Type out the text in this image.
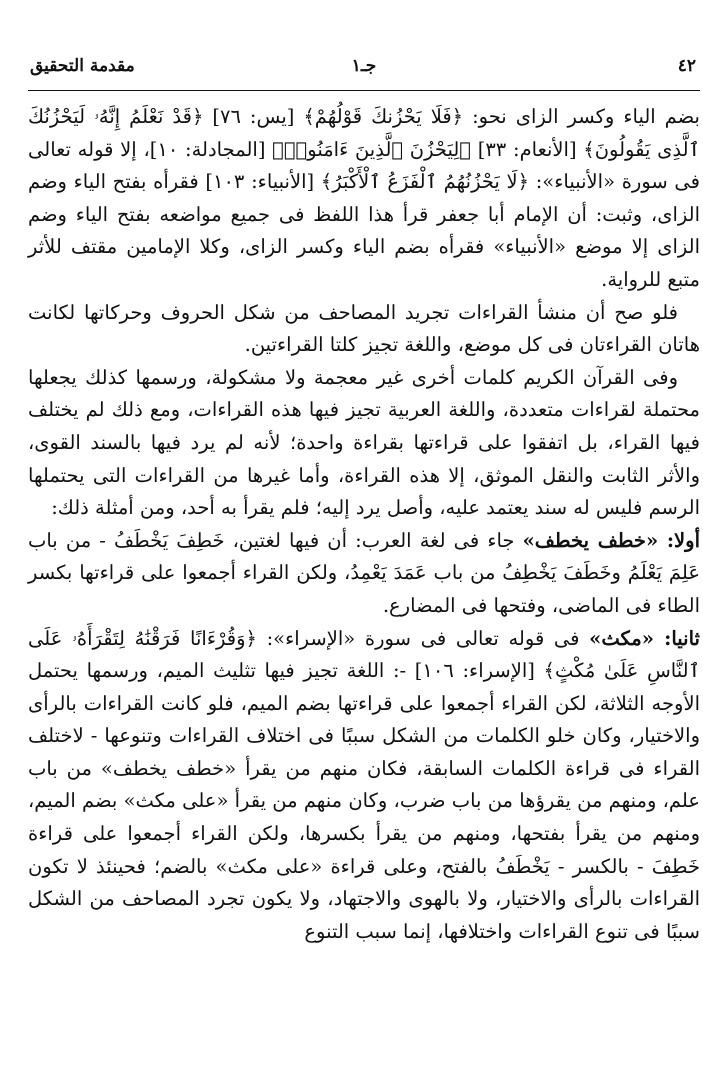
٤٢
جـ١
مقدمة التحقيق

بضم الياء وكسر الزاى نحو: ﴿فَلَا يَحْزُنكَ قَوْلُهُمْ﴾ [يس: ٧٦] ﴿قَدْ نَعْلَمُ إِنَّهُۥ لَيَحْزُنُكَ ٱلَّذِى يَقُولُونَ﴾ [الأنعام: ٣٣] ﴿لِيَحْزُنَ ٱلَّذِينَ ءَامَنُوا۟﴾ [المجادلة: ١٠]، إلا قوله تعالى فى سورة «الأنبياء»: ﴿لَا يَحْزُنُهُمُ ٱلْفَزَعُ ٱلْأَكْبَرُ﴾ [الأنبياء: ١٠٣] فقرأه بفتح الياء وضم الزاى، وثبت: أن الإمام أبا جعفر قرأ هذا اللفظ فى جميع مواضعه بفتح الياء وضم الزاى إلا موضع «الأنبياء» فقرأه بضم الياء وكسر الزاى، وكلا الإمامين مقتف للأثر متبع للرواية.

فلو صح أن منشأ القراءات تجريد المصاحف من شكل الحروف وحركاتها لكانت هاتان القراءتان فى كل موضع، واللغة تجيز كلتا القراءتين.

وفى القرآن الكريم كلمات أخرى غير معجمة ولا مشكولة، ورسمها كذلك يجعلها محتملة لقراءات متعددة، واللغة العربية تجيز فيها هذه القراءات، ومع ذلك لم يختلف فيها القراء، بل اتفقوا على قراءتها بقراءة واحدة؛ لأنه لم يرد فيها بالسند القوى، والأثر الثابت والنقل الموثق، إلا هذه القراءة، وأما غيرها من القراءات التى يحتملها الرسم فليس له سند يعتمد عليه، وأصل يرد إليه؛ فلم يقرأ به أحد، ومن أمثلة ذلك:

أولا: «خطف يخطف» جاء فى لغة العرب: أن فيها لغتين، خَطِفَ يَخْطَفُ - من باب عَلِمَ يَعْلَمُ وخَطَفَ يَخْطِفُ من باب عَمَدَ يَعْمِدُ، ولكن القراء أجمعوا على قراءتها بكسر الطاء فى الماضى، وفتحها فى المضارع.

ثانيا: «مكث» فى قوله تعالى فى سورة «الإسراء»: ﴿وَقُرْءَانًا فَرَقْنَٰهُ لِتَقْرَأَهُۥ عَلَى ٱلنَّاسِ عَلَىٰ مُكْثٍ﴾ [الإسراء: ١٠٦] -: اللغة تجيز فيها تثليث الميم، ورسمها يحتمل الأوجه الثلاثة، لكن القراء أجمعوا على قراءتها بضم الميم، فلو كانت القراءات بالرأى والاختيار، وكان خلو الكلمات من الشكل سببًا فى اختلاف القراءات وتنوعها - لاختلف القراء فى قراءة الكلمات السابقة، فكان منهم من يقرأ «خطف يخطف» من باب علم، ومنهم من يقرؤها من باب ضرب، وكان منهم من يقرأ «على مكث» بضم الميم، ومنهم من يقرأ بفتحها، ومنهم من يقرأ بكسرها، ولكن القراء أجمعوا على قراءة خَطِفَ - بالكسر - يَخْطَفُ بالفتح، وعلى قراءة «على مكث» بالضم؛ فحينئذ لا تكون القراءات بالرأى والاختيار، ولا بالهوى والاجتهاد، ولا يكون تجرد المصاحف من الشكل سببًا فى تنوع القراءات واختلافها، إنما سبب التنوع
